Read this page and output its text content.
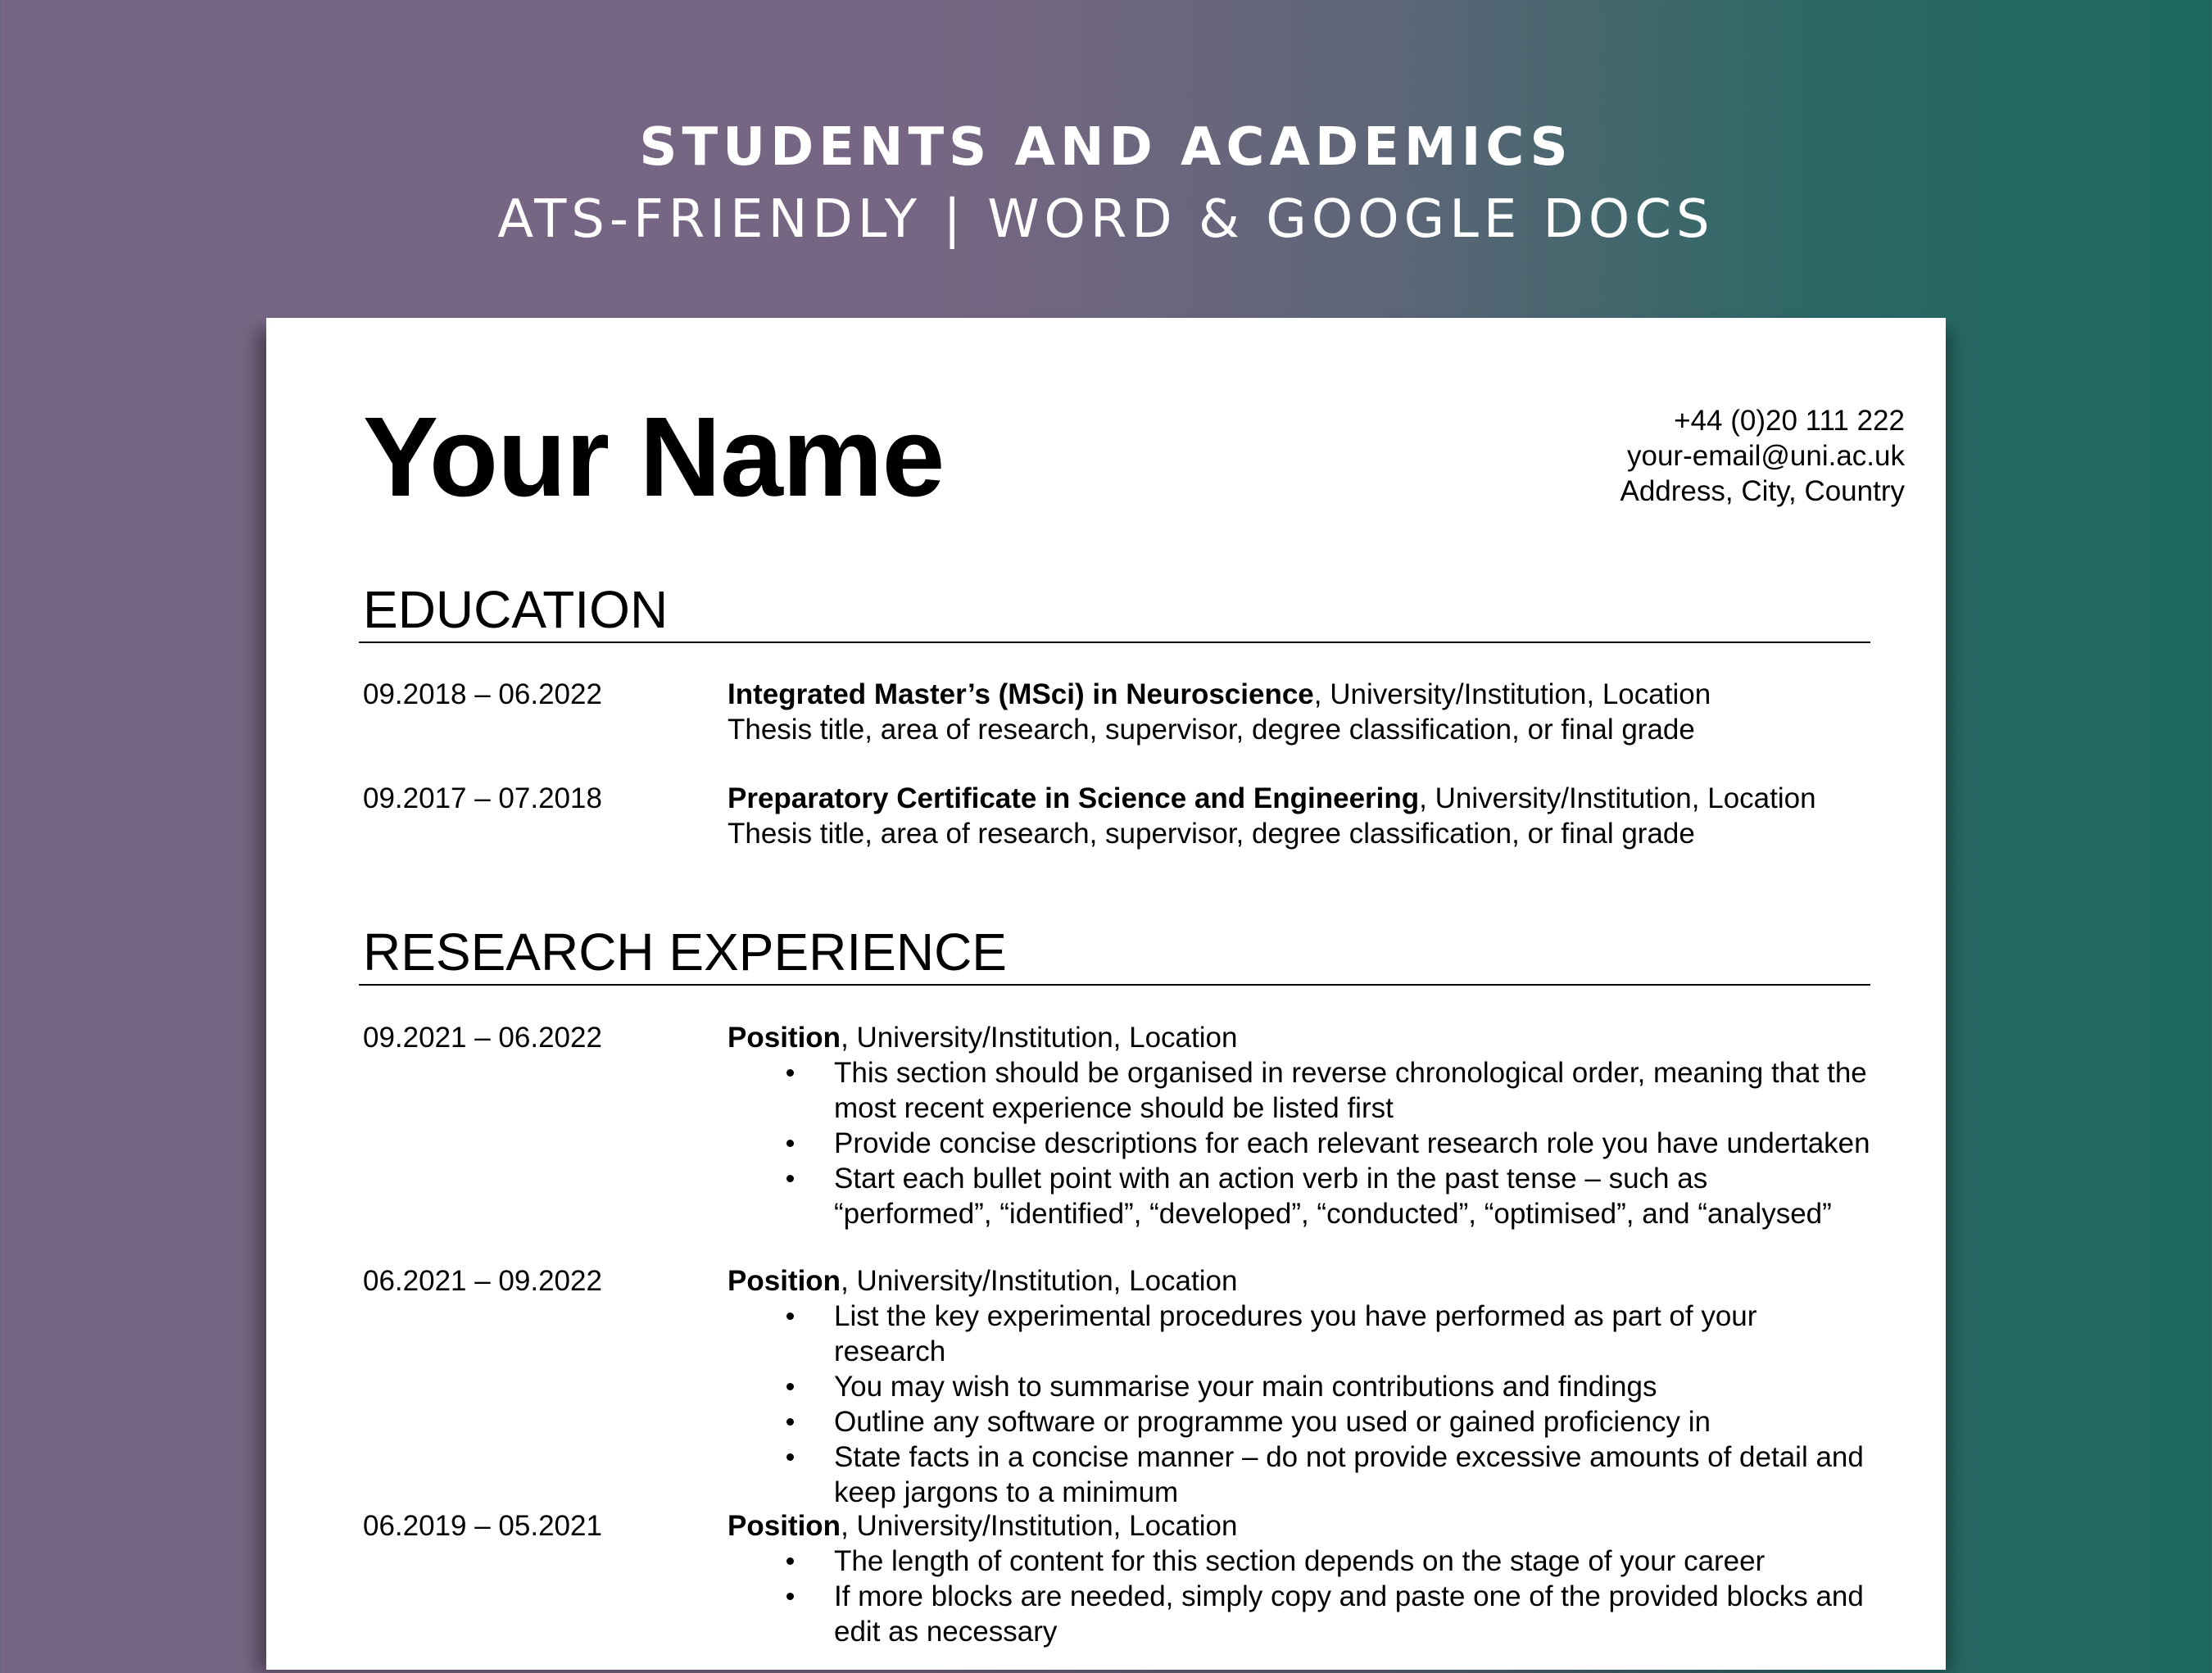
STUDENTS AND ACADEMICS
ATS-FRIENDLY | WORD & GOOGLE DOCS
Your Name	+44 (0)20 111 222
your-email@uni.ac.uk
Address, City, Country
EDUCATION
09.2018 – 06.2022	Integrated Master’s (MSci) in Neuroscience, University/Institution, Location
Thesis title, area of research, supervisor, degree classification, or final grade
09.2017 – 07.2018	Preparatory Certificate in Science and Engineering, University/Institution, Location
Thesis title, area of research, supervisor, degree classification, or final grade
RESEARCH EXPERIENCE
09.2021 – 06.2022	Position, University/Institution, Location
This section should be organised in reverse chronological order, meaning that the most recent experience should be listed first
Provide concise descriptions for each relevant research role you have undertaken
Start each bullet point with an action verb in the past tense – such as “performed”, “identified”, “developed”, “conducted”, “optimised”, and “analysed”
06.2021 – 09.2022	Position, University/Institution, Location
List the key experimental procedures you have performed as part of your research
You may wish to summarise your main contributions and findings
Outline any software or programme you used or gained proficiency in
State facts in a concise manner – do not provide excessive amounts of detail and keep jargons to a minimum
06.2019 – 05.2021	Position, University/Institution, Location
The length of content for this section depends on the stage of your career
If more blocks are needed, simply copy and paste one of the provided blocks and edit as necessary
